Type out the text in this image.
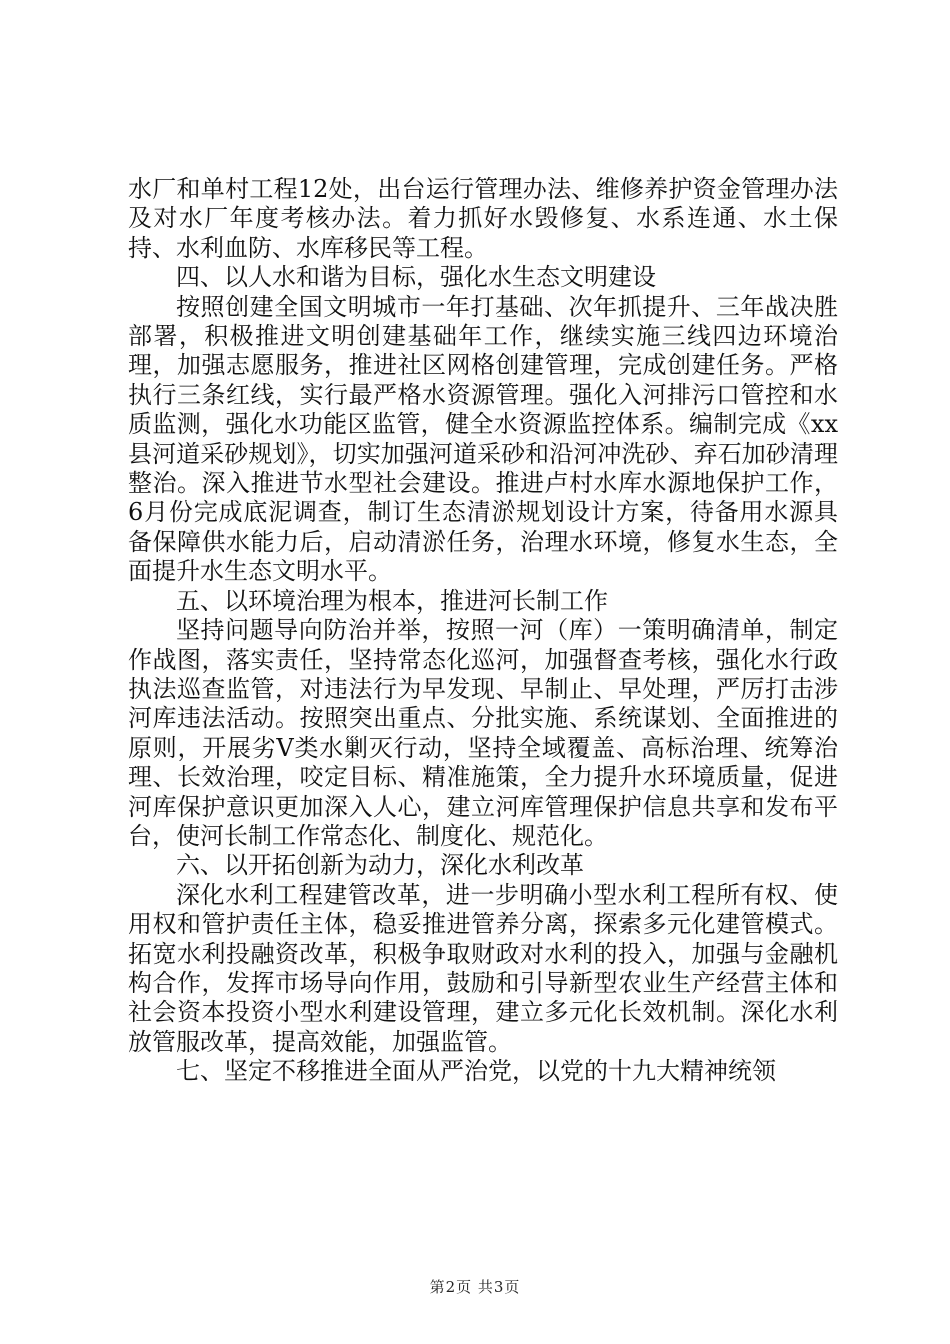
水厂和单村工程12处，出台运行管理办法、维修养护资金管理办法及对水厂年度考核办法。着力抓好水毁修复、水系连通、水土保持、水利血防、水库移民等工程。

四、以人水和谐为目标，强化水生态文明建设

按照创建全国文明城市一年打基础、次年抓提升、三年战决胜部署，积极推进文明创建基础年工作，继续实施三线四边环境治理，加强志愿服务，推进社区网格创建管理，完成创建任务。严格执行三条红线，实行最严格水资源管理。强化入河排污口管控和水质监测，强化水功能区监管，健全水资源监控体系。编制完成《xx县河道采砂规划》，切实加强河道采砂和沿河冲洗砂、弃石加砂清理整治。深入推进节水型社会建设。推进卢村水库水源地保护工作，6月份完成底泥调查，制订生态清淤规划设计方案，待备用水源具备保障供水能力后，启动清淤任务，治理水环境，修复水生态，全面提升水生态文明水平。

五、以环境治理为根本，推进河长制工作

坚持问题导向防治并举，按照一河（库）一策明确清单，制定作战图，落实责任，坚持常态化巡河，加强督查考核，强化水行政执法巡查监管，对违法行为早发现、早制止、早处理，严厉打击涉河库违法活动。按照突出重点、分批实施、系统谋划、全面推进的原则，开展劣Ⅴ类水剿灭行动，坚持全域覆盖、高标治理、统筹治理、长效治理，咬定目标、精准施策，全力提升水环境质量，促进河库保护意识更加深入人心，建立河库管理保护信息共享和发布平台，使河长制工作常态化、制度化、规范化。

六、以开拓创新为动力，深化水利改革

深化水利工程建管改革，进一步明确小型水利工程所有权、使用权和管护责任主体，稳妥推进管养分离，探索多元化建管模式。拓宽水利投融资改革，积极争取财政对水利的投入，加强与金融机构合作，发挥市场导向作用，鼓励和引导新型农业生产经营主体和社会资本投资小型水利建设管理，建立多元化长效机制。深化水利放管服改革，提高效能，加强监管。

七、坚定不移推进全面从严治党，以党的十九大精神统领

第2页 共3页
